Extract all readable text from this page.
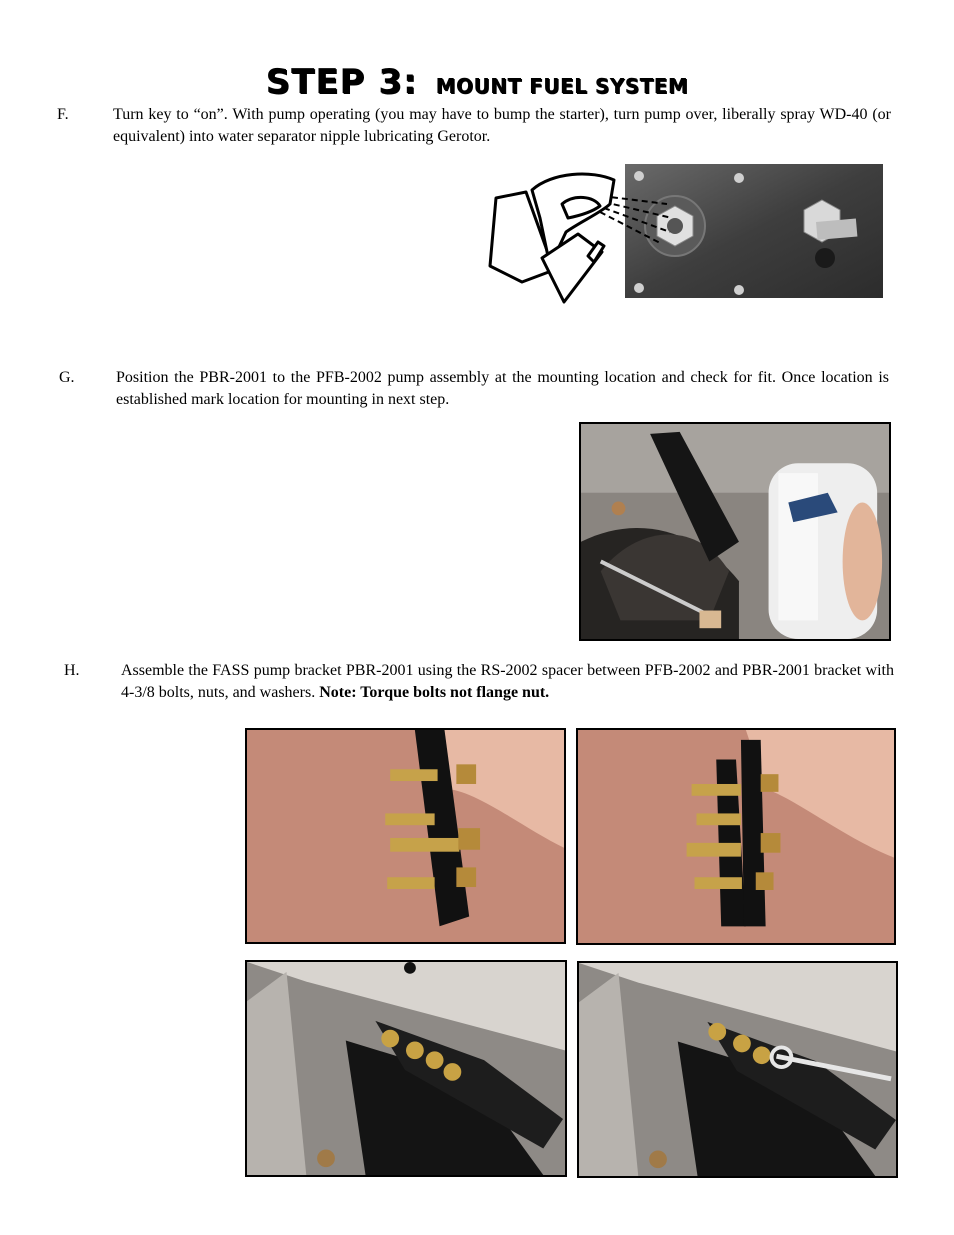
STEP 3: MOUNT FUEL SYSTEM
F.	Turn key to “on”. With pump operating (you may have to bump the starter), turn pump over, liberally spray WD-40 (or equivalent) into water separator nipple lubricating Gerotor.
G.	Position the PBR-2001 to the PFB-2002 pump assembly at the mounting location and check for fit. Once location is established mark location for mounting in next step.
H.	Assemble the FASS pump bracket PBR-2001 using the RS-2002 spacer between PFB-2002 and PBR-2001 bracket with 4-3/8 bolts, nuts, and washers. Note: Torque bolts not flange nut.
